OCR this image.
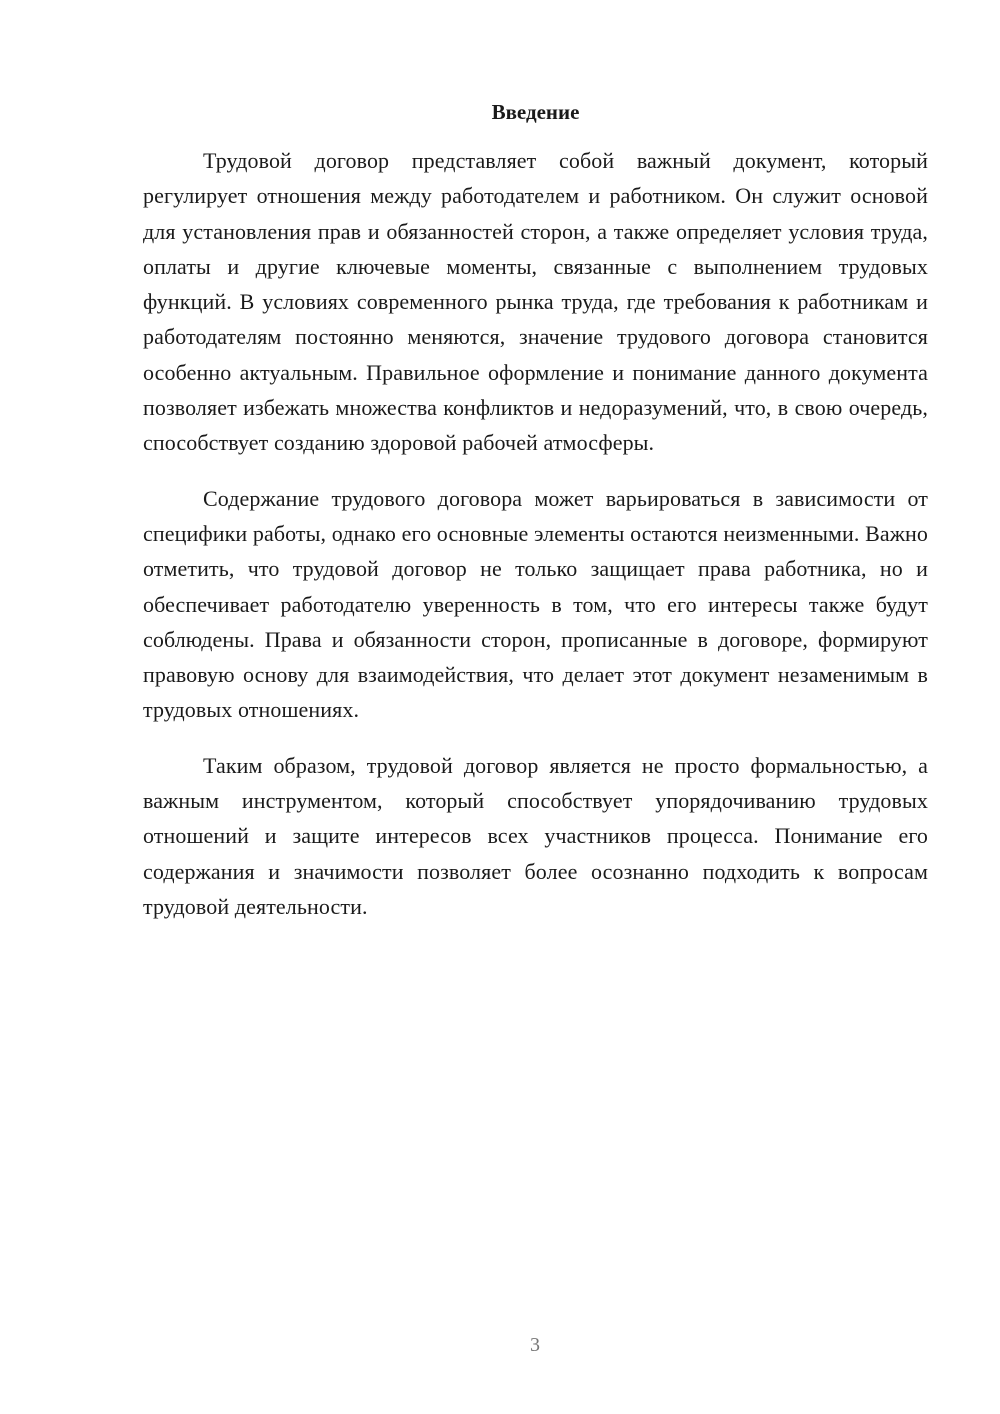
Введение

Трудовой договор представляет собой важный документ, который регулирует отношения между работодателем и работником. Он служит основой для установления прав и обязанностей сторон, а также определяет условия труда, оплаты и другие ключевые моменты, связанные с выполнением трудовых функций. В условиях современного рынка труда, где требования к работникам и работодателям постоянно меняются, значение трудового договора становится особенно актуальным. Правильное оформление и понимание данного документа позволяет избежать множества конфликтов и недоразумений, что, в свою очередь, способствует созданию здоровой рабочей атмосферы.

Содержание трудового договора может варьироваться в зависимости от специфики работы, однако его основные элементы остаются неизменными. Важно отметить, что трудовой договор не только защищает права работника, но и обеспечивает работодателю уверенность в том, что его интересы также будут соблюдены. Права и обязанности сторон, прописанные в договоре, формируют правовую основу для взаимодействия, что делает этот документ незаменимым в трудовых отношениях.

Таким образом, трудовой договор является не просто формальностью, а важным инструментом, который способствует упорядочиванию трудовых отношений и защите интересов всех участников процесса. Понимание его содержания и значимости позволяет более осознанно подходить к вопросам трудовой деятельности.

3
